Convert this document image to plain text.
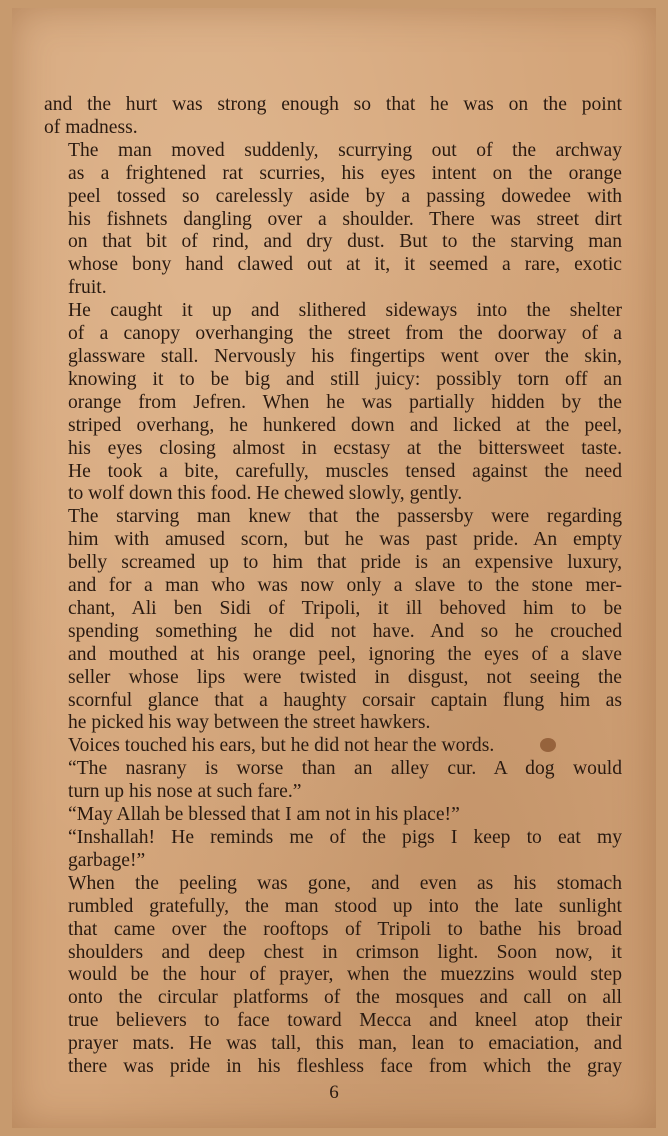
and the hurt was strong enough so that he was on the point
of madness.

The man moved suddenly, scurrying out of the archway
as a frightened rat scurries, his eyes intent on the orange
peel tossed so carelessly aside by a passing dowedee with
his fishnets dangling over a shoulder. There was street dirt
on that bit of rind, and dry dust. But to the starving man
whose bony hand clawed out at it, it seemed a rare, exotic
fruit.

He caught it up and slithered sideways into the shelter
of a canopy overhanging the street from the doorway of a
glassware stall. Nervously his fingertips went over the skin,
knowing it to be big and still juicy: possibly torn off an
orange from Jefren. When he was partially hidden by the
striped overhang, he hunkered down and licked at the peel,
his eyes closing almost in ecstasy at the bittersweet taste.
He took a bite, carefully, muscles tensed against the need
to wolf down this food. He chewed slowly, gently.

The starving man knew that the passersby were regarding
him with amused scorn, but he was past pride. An empty
belly screamed up to him that pride is an expensive luxury,
and for a man who was now only a slave to the stone mer-
chant, Ali ben Sidi of Tripoli, it ill behoved him to be
spending something he did not have. And so he crouched
and mouthed at his orange peel, ignoring the eyes of a slave
seller whose lips were twisted in disgust, not seeing the
scornful glance that a haughty corsair captain flung him as
he picked his way between the street hawkers.

Voices touched his ears, but he did not hear the words.

“The nasrany is worse than an alley cur. A dog would
turn up his nose at such fare.”

“May Allah be blessed that I am not in his place!”

“Inshallah! He reminds me of the pigs I keep to eat my
garbage!”

When the peeling was gone, and even as his stomach
rumbled gratefully, the man stood up into the late sunlight
that came over the rooftops of Tripoli to bathe his broad
shoulders and deep chest in crimson light. Soon now, it
would be the hour of prayer, when the muezzins would step
onto the circular platforms of the mosques and call on all
true believers to face toward Mecca and kneel atop their
prayer mats. He was tall, this man, lean to emaciation, and
there was pride in his fleshless face from which the gray

6
